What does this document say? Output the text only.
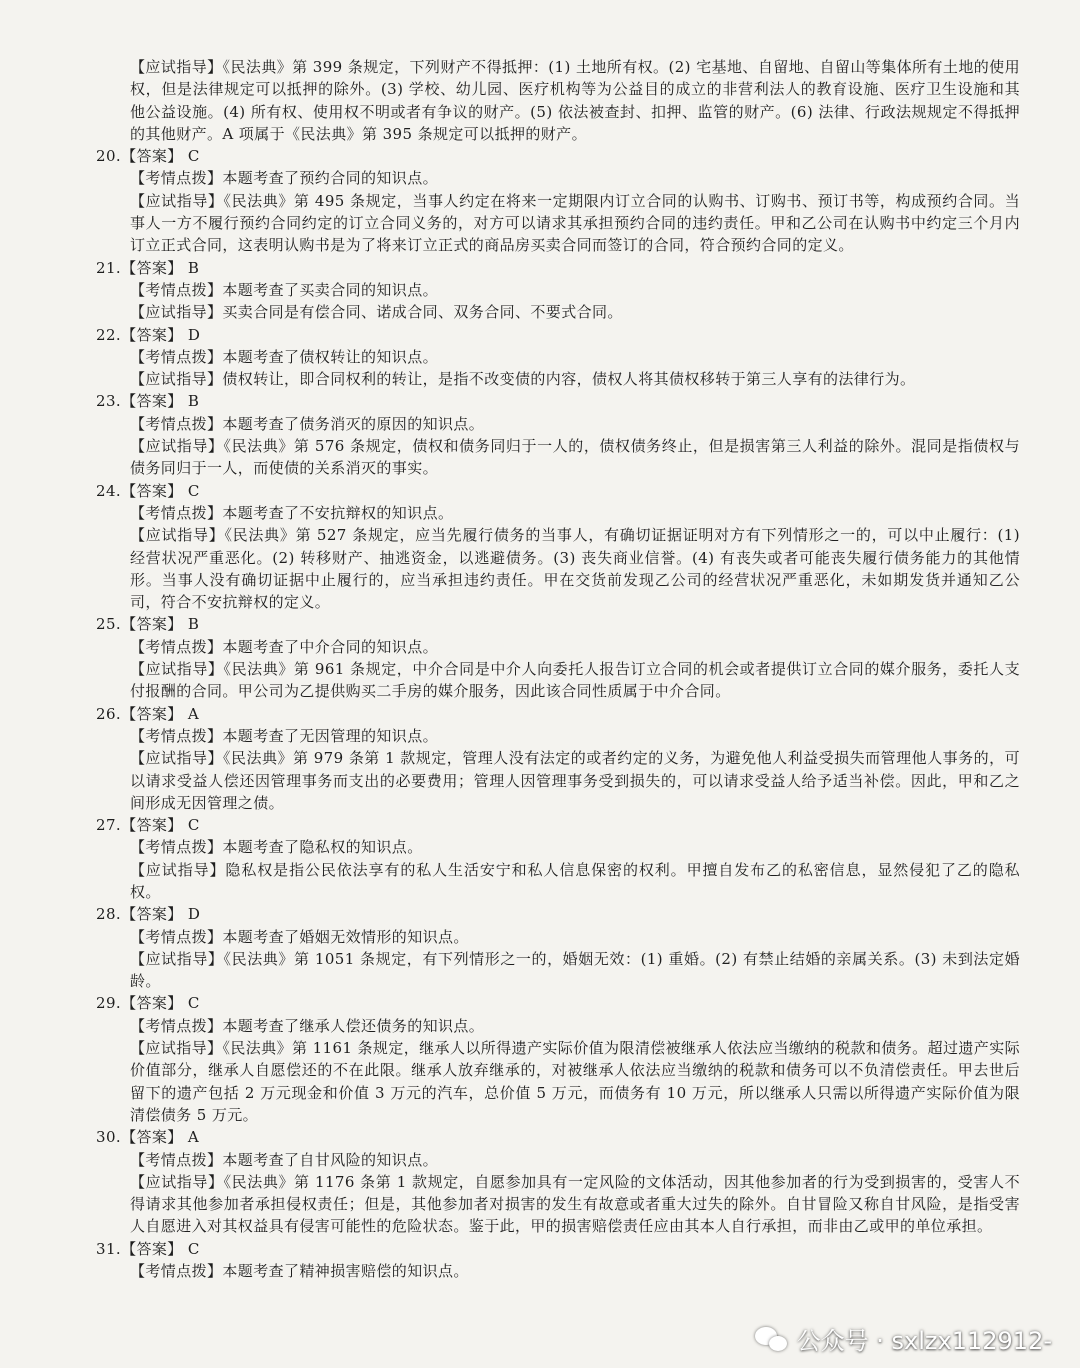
【应试指导】《民法典》第 399 条规定，下列财产不得抵押：(1) 土地所有权。(2) 宅基地、自留地、自留山等集体所有土地的使用权，但是法律规定可以抵押的除外。(3) 学校、幼儿园、医疗机构等为公益目的成立的非营利法人的教育设施、医疗卫生设施和其他公益设施。(4) 所有权、使用权不明或者有争议的财产。(5) 依法被查封、扣押、监管的财产。(6) 法律、行政法规规定不得抵押的其他财产。A 项属于《民法典》第 395 条规定可以抵押的财产。

20.【答案】 C

【考情点拨】本题考查了预约合同的知识点。

【应试指导】《民法典》第 495 条规定，当事人约定在将来一定期限内订立合同的认购书、订购书、预订书等，构成预约合同。当事人一方不履行预约合同约定的订立合同义务的，对方可以请求其承担预约合同的违约责任。甲和乙公司在认购书中约定三个月内订立正式合同，这表明认购书是为了将来订立正式的商品房买卖合同而签订的合同，符合预约合同的定义。

21.【答案】 B

【考情点拨】本题考查了买卖合同的知识点。

【应试指导】买卖合同是有偿合同、诺成合同、双务合同、不要式合同。

22.【答案】 D

【考情点拨】本题考查了债权转让的知识点。

【应试指导】债权转让，即合同权利的转让，是指不改变债的内容，债权人将其债权移转于第三人享有的法律行为。

23.【答案】 B

【考情点拨】本题考查了债务消灭的原因的知识点。

【应试指导】《民法典》第 576 条规定，债权和债务同归于一人的，债权债务终止，但是损害第三人利益的除外。混同是指债权与债务同归于一人，而使债的关系消灭的事实。

24.【答案】 C

【考情点拨】本题考查了不安抗辩权的知识点。

【应试指导】《民法典》第 527 条规定，应当先履行债务的当事人，有确切证据证明对方有下列情形之一的，可以中止履行：(1) 经营状况严重恶化。(2) 转移财产、抽逃资金，以逃避债务。(3) 丧失商业信誉。(4) 有丧失或者可能丧失履行债务能力的其他情形。当事人没有确切证据中止履行的，应当承担违约责任。甲在交货前发现乙公司的经营状况严重恶化，未如期发货并通知乙公司，符合不安抗辩权的定义。

25.【答案】 B

【考情点拨】本题考查了中介合同的知识点。

【应试指导】《民法典》第 961 条规定，中介合同是中介人向委托人报告订立合同的机会或者提供订立合同的媒介服务，委托人支付报酬的合同。甲公司为乙提供购买二手房的媒介服务，因此该合同性质属于中介合同。

26.【答案】 A

【考情点拨】本题考查了无因管理的知识点。

【应试指导】《民法典》第 979 条第 1 款规定，管理人没有法定的或者约定的义务，为避免他人利益受损失而管理他人事务的，可以请求受益人偿还因管理事务而支出的必要费用；管理人因管理事务受到损失的，可以请求受益人给予适当补偿。因此，甲和乙之间形成无因管理之债。

27.【答案】 C

【考情点拨】本题考查了隐私权的知识点。

【应试指导】隐私权是指公民依法享有的私人生活安宁和私人信息保密的权利。甲擅自发布乙的私密信息，显然侵犯了乙的隐私权。

28.【答案】 D

【考情点拨】本题考查了婚姻无效情形的知识点。

【应试指导】《民法典》第 1051 条规定，有下列情形之一的，婚姻无效：(1) 重婚。(2) 有禁止结婚的亲属关系。(3) 未到法定婚龄。

29.【答案】 C

【考情点拨】本题考查了继承人偿还债务的知识点。

【应试指导】《民法典》第 1161 条规定，继承人以所得遗产实际价值为限清偿被继承人依法应当缴纳的税款和债务。超过遗产实际价值部分，继承人自愿偿还的不在此限。继承人放弃继承的，对被继承人依法应当缴纳的税款和债务可以不负清偿责任。甲去世后留下的遗产包括 2 万元现金和价值 3 万元的汽车，总价值 5 万元，而债务有 10 万元，所以继承人只需以所得遗产实际价值为限清偿债务 5 万元。

30.【答案】 A

【考情点拨】本题考查了自甘风险的知识点。

【应试指导】《民法典》第 1176 条第 1 款规定，自愿参加具有一定风险的文体活动，因其他参加者的行为受到损害的，受害人不得请求其他参加者承担侵权责任；但是，其他参加者对损害的发生有故意或者重大过失的除外。自甘冒险又称自甘风险，是指受害人自愿进入对其权益具有侵害可能性的危险状态。鉴于此，甲的损害赔偿责任应由其本人自行承担，而非由乙或甲的单位承担。

31.【答案】 C

【考情点拨】本题考查了精神损害赔偿的知识点。

公众号 · sxlzx112912-
